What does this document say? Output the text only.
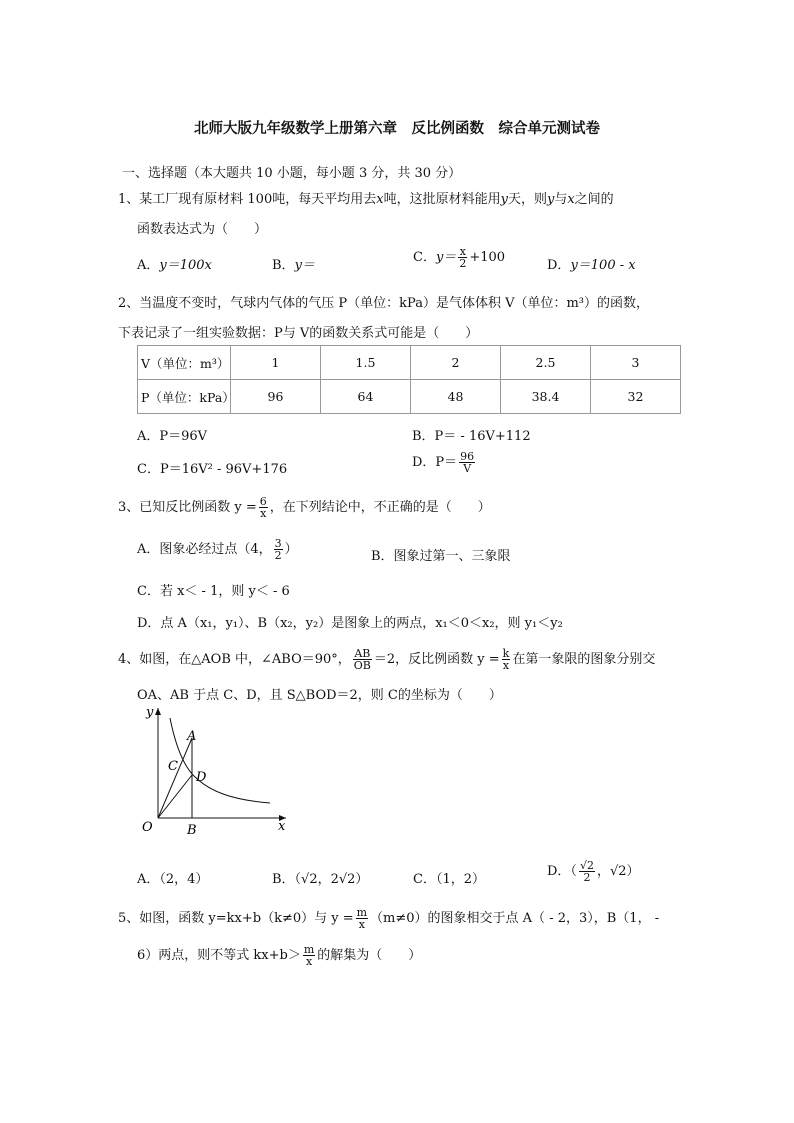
北师大版九年级数学上册第六章　反比例函数　综合单元测试卷
一、选择题（本大题共 10 小题，每小题 3 分，共 30 分）
1、某工厂现有原材料 100吨，每天平均用去x吨，这批原材料能用y天，则y与x之间的
函数表达式为（　　）
A．y＝100x	B．y＝
C．$y= \frac{x}{2} +100$
D．y＝100 - x
2、当温度不变时，气球内气体的气压 P（单位：kPa）是气体体积 V（单位：m³）的函数，
下表记录了一组实验数据：P与 V的函数关系式可能是（　　）
V（单位：m³）	1	1.5	2	2.5	3
P（单位：kPa）	96	64	48	38.4	32
A．P＝96V	B．P＝ - 16V+112
C．P＝16V² - 96V+176	D．$P= \frac{96}{V}$
3、已知反比例函数 $y = \frac{6}{x}$ ，在下列结论中，不正确的是（　　）
A．图象必经过点（4， $\frac{3}{2}$ ）	B．图象过第一、三象限
C．若 x＜ - 1，则 y＜ - 6
D．点 A（x₁，y₁）、B（x₂，y₂）是图象上的两点，x₁＜0＜x₂，则 y₁＜y₂
4、如图，在△AOB 中，∠ABO＝90°， $\frac{AB}{OB} =2$，反比例函数 $y = \frac{k}{x}$ 在第一象限的图象分别交
OA、AB 于点 C、D，且 S△BOD＝2，则 C的坐标为（　　）
y
x
O	B
A
C
D
A．（2，4）	B．（√2，2√2）	C．（1，2）
D．（ $\frac{√2}{2}$ ，√2）
5、如图，函数 y=kx+b（k≠0）与 $y = \frac{m}{x} (m\ne 0)$的图象相交于点 A（ - 2，3），B（1， -
6）两点，则不等式 $kx+b> \frac{m}{x}$ 的解集为（　　）
